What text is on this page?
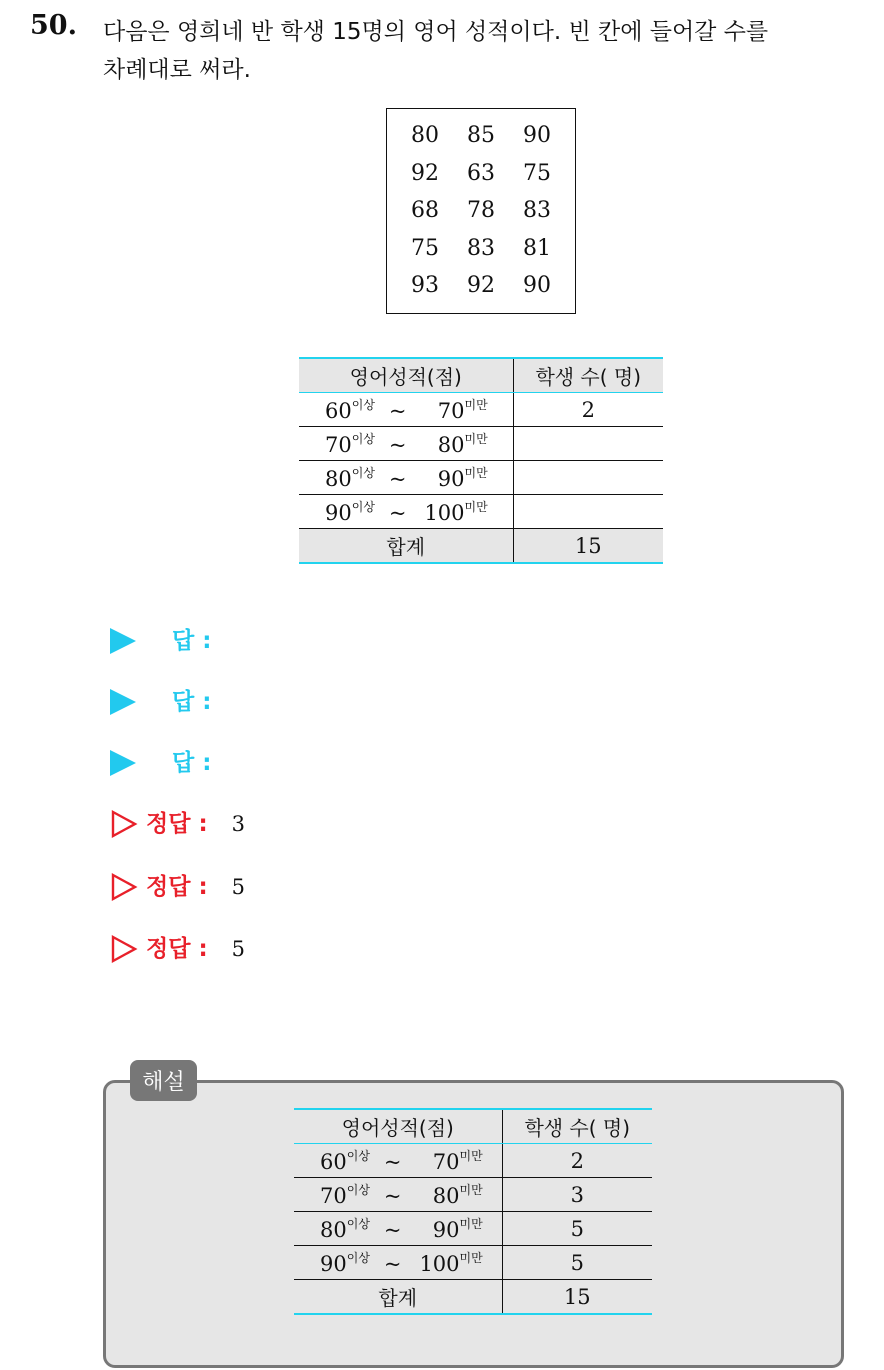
50. 다음은 영희네 반 학생 15명의 영어 성적이다. 빈 칸에 들어갈 수를
차례대로 써라.
80	85	90
92	63	75
68	78	83
75	83	81
93	92	90
영어성적(점)	학생 수( 명)
$60^{이상}$ ~ $70^{미만}$	2
$70^{이상}$ ~ $80^{미만}$	
$80^{이상}$ ~ $90^{미만}$	
$90^{이상}$ ~ $100^{미만}$	
합계	15
답 :
답 :
답 :
정답 : 3
정답 : 5
정답 : 5
해설
영어성적(점)	학생 수( 명)
$60^{이상}$ ~ $70^{미만}$	2
$70^{이상}$ ~ $80^{미만}$	3
$80^{이상}$ ~ $90^{미만}$	5
$90^{이상}$ ~ $100^{미만}$	5
합계	15
